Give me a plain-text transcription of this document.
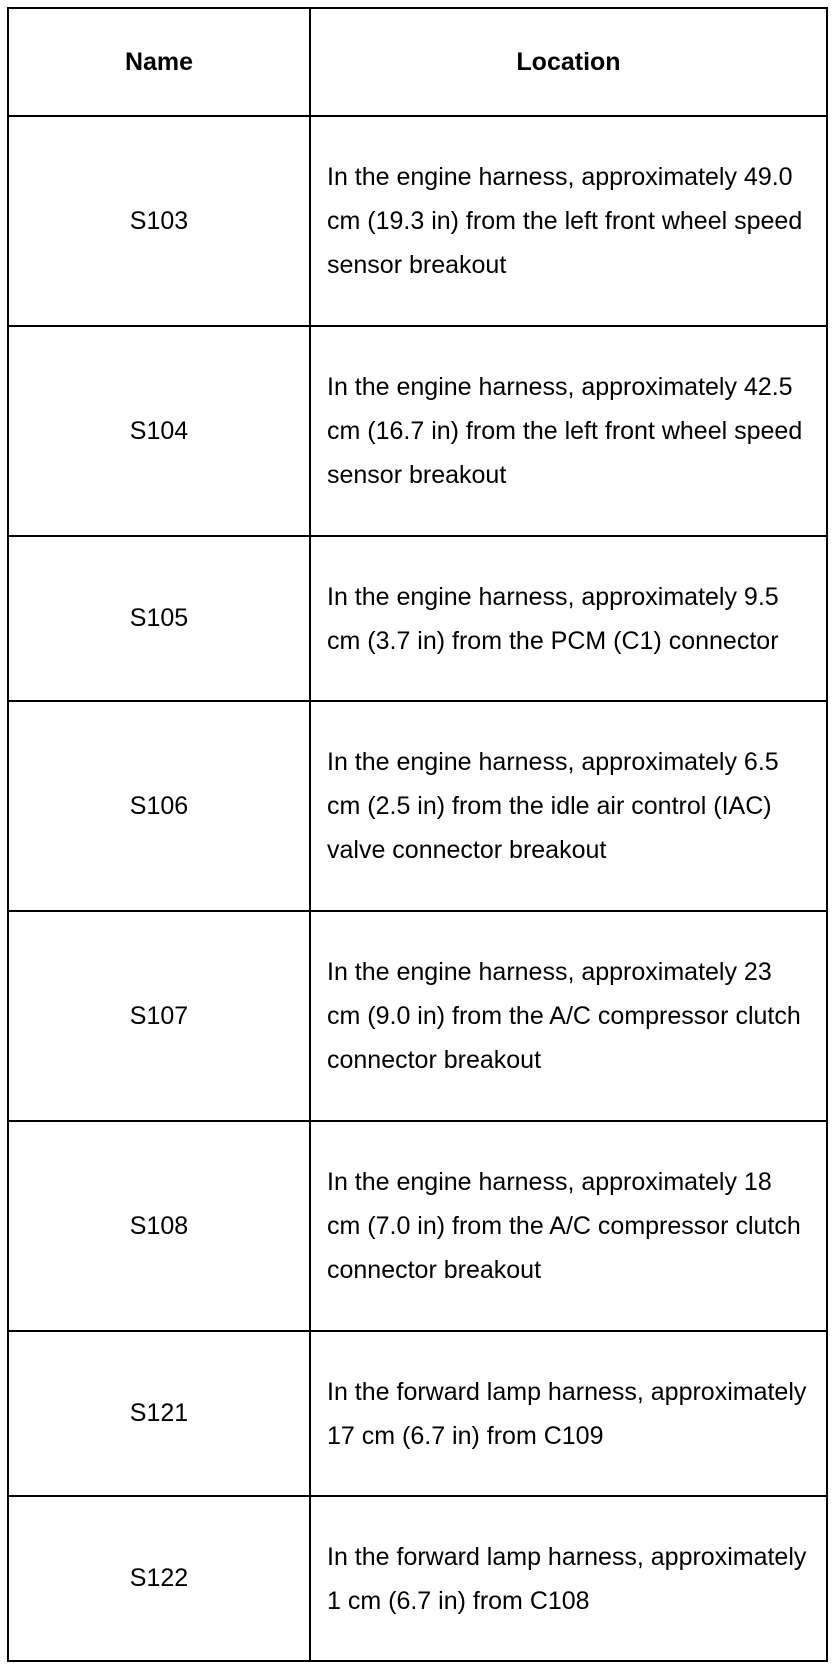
Name	Location
S103	In the engine harness, approximately 49.0 cm (19.3 in) from the left front wheel speed sensor breakout
S104	In the engine harness, approximately 42.5 cm (16.7 in) from the left front wheel speed sensor breakout
S105	In the engine harness, approximately 9.5 cm (3.7 in) from the PCM (C1) connector
S106	In the engine harness, approximately 6.5 cm (2.5 in) from the idle air control (IAC) valve connector breakout
S107	In the engine harness, approximately 23 cm (9.0 in) from the A/C compressor clutch connector breakout
S108	In the engine harness, approximately 18 cm (7.0 in) from the A/C compressor clutch connector breakout
S121	In the forward lamp harness, approximately 17 cm (6.7 in) from C109
S122	In the forward lamp harness, approximately 1 cm (6.7 in) from C108
